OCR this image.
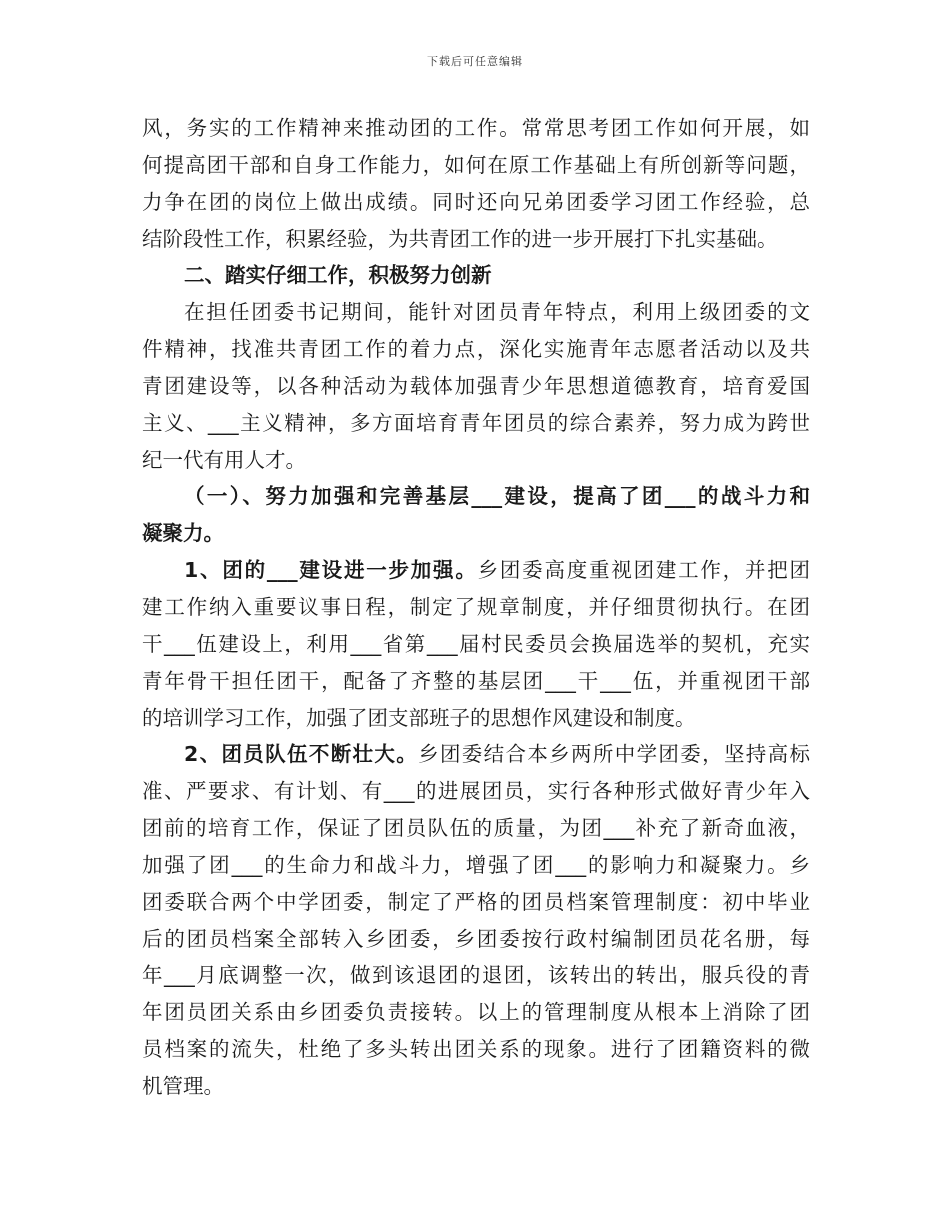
下载后可任意编辑
风，务实的工作精神来推动团的工作。常常思考团工作如何开展，如
何提高团干部和自身工作能力，如何在原工作基础上有所创新等问题，
力争在团的岗位上做出成绩。同时还向兄弟团委学习团工作经验，总
结阶段性工作，积累经验，为共青团工作的进一步开展打下扎实基础。
二、踏实仔细工作，积极努力创新
在担任团委书记期间，能针对团员青年特点，利用上级团委的文
件精神，找准共青团工作的着力点，深化实施青年志愿者活动以及共
青团建设等，以各种活动为载体加强青少年思想道德教育，培育爱国
主义、___主义精神，多方面培育青年团员的综合素养，努力成为跨世
纪一代有用人才。
（一）、努力加强和完善基层___建设，提高了团___的战斗力和
凝聚力。
1、团的___建设进一步加强。乡团委高度重视团建工作，并把团
建工作纳入重要议事日程，制定了规章制度，并仔细贯彻执行。在团
干___伍建设上，利用___省第___届村民委员会换届选举的契机，充实
青年骨干担任团干，配备了齐整的基层团___干___伍，并重视团干部
的培训学习工作，加强了团支部班子的思想作风建设和制度。
2、团员队伍不断壮大。乡团委结合本乡两所中学团委，坚持高标
准、严要求、有计划、有___的进展团员，实行各种形式做好青少年入
团前的培育工作，保证了团员队伍的质量，为团___补充了新奇血液，
加强了团___的生命力和战斗力，增强了团___的影响力和凝聚力。乡
团委联合两个中学团委，制定了严格的团员档案管理制度：初中毕业
后的团员档案全部转入乡团委，乡团委按行政村编制团员花名册，每
年___月底调整一次，做到该退团的退团，该转出的转出，服兵役的青
年团员团关系由乡团委负责接转。以上的管理制度从根本上消除了团
员档案的流失，杜绝了多头转出团关系的现象。进行了团籍资料的微
机管理。
